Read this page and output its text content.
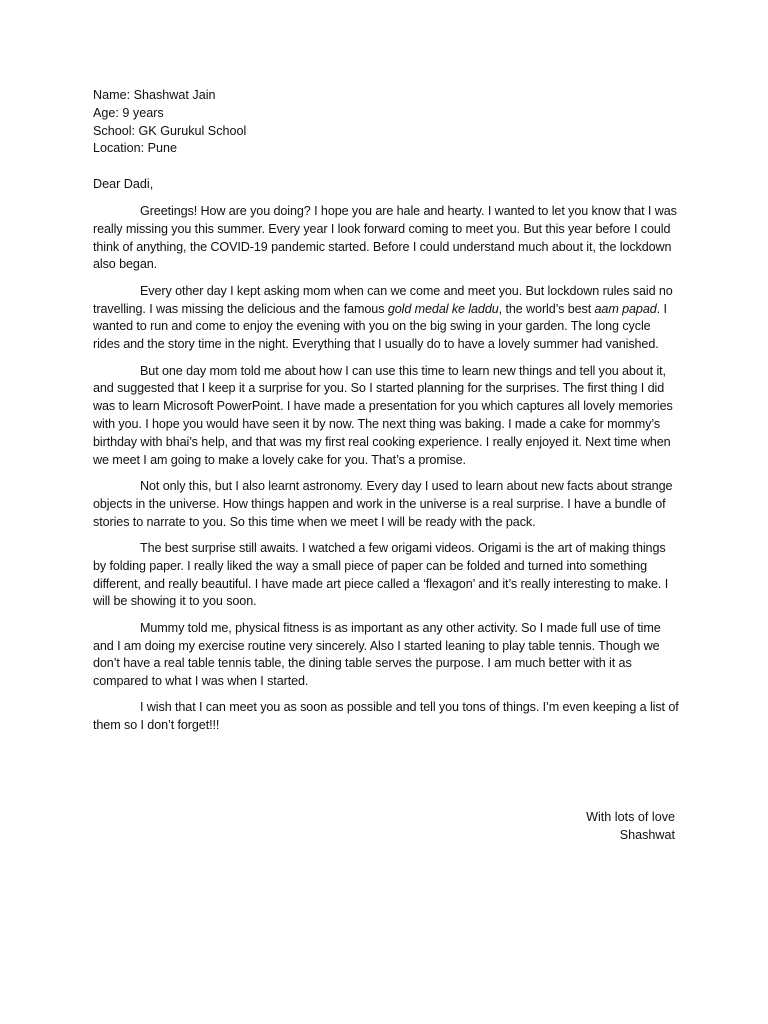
Name: Shashwat Jain
Age: 9 years
School: GK Gurukul School
Location: Pune
Dear Dadi,

Greetings! How are you doing? I hope you are hale and hearty. I wanted to let you know that I was really missing you this summer. Every year I look forward coming to meet you. But this year before I could think of anything, the COVID-19 pandemic started. Before I could understand much about it, the lockdown also began.

Every other day I kept asking mom when can we come and meet you. But lockdown rules said no travelling. I was missing the delicious and the famous gold medal ke laddu, the world’s best aam papad. I wanted to run and come to enjoy the evening with you on the big swing in your garden. The long cycle rides and the story time in the night. Everything that I usually do to have a lovely summer had vanished.

But one day mom told me about how I can use this time to learn new things and tell you about it, and suggested that I keep it a surprise for you. So I started planning for the surprises. The first thing I did was to learn Microsoft PowerPoint. I have made a presentation for you which captures all lovely memories with you. I hope you would have seen it by now. The next thing was baking. I made a cake for mommy’s birthday with bhai’s help, and that was my first real cooking experience. I really enjoyed it. Next time when we meet I am going to make a lovely cake for you. That’s a promise.

Not only this, but I also learnt astronomy. Every day I used to learn about new facts about strange objects in the universe. How things happen and work in the universe is a real surprise. I have a bundle of stories to narrate to you. So this time when we meet I will be ready with the pack.

The best surprise still awaits. I watched a few origami videos. Origami is the art of making things by folding paper. I really liked the way a small piece of paper can be folded and turned into something different, and really beautiful. I have made art piece called a ‘flexagon’ and it’s really interesting to make. I will be showing it to you soon.

Mummy told me, physical fitness is as important as any other activity. So I made full use of time and I am doing my exercise routine very sincerely. Also I started leaning to play table tennis. Though we don’t have a real table tennis table, the dining table serves the purpose. I am much better with it as compared to what I was when I started.

I wish that I can meet you as soon as possible and tell you tons of things. I’m even keeping a list of them so I don’t forget!!!

With lots of love
Shashwat
